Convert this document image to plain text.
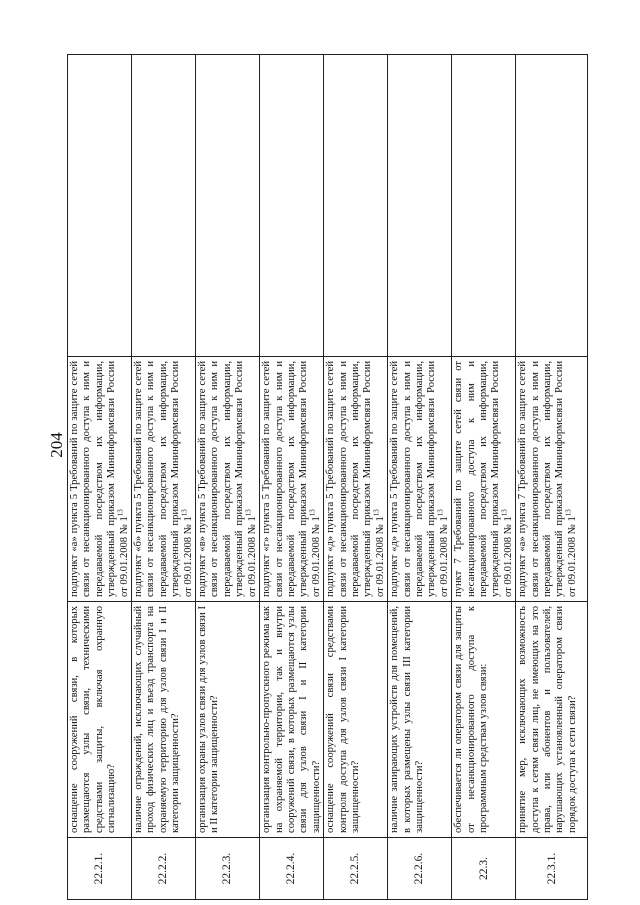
204
22.2.1.	оснащение сооружений связи, в которых размещаются узлы связи, техническими средствами защиты, включая охранную сигнализацию?	подпункт «а» пункта 5 Требований по защите сетей связи от несанкционированного доступа к ним и передаваемой посредством их информации, утвержденный приказом Мининформсвязи России от 09.01.2008 № $1^{13}$	
22.2.2.	наличие ограждений, исключающих случайный проход физических лиц и въезд транспорта на охраняемую территорию для узлов связи I и II категории защищенности?	подпункт «б» пункта 5 Требований по защите сетей связи от несанкционированного доступа к ним и передаваемой посредством их информации, утвержденный приказом Мининформсвязи России от 09.01.2008 № $1^{13}$	
22.2.3.	организация охраны узлов связи для узлов связи I и II категории защищенности?	подпункт «в» пункта 5 Требований по защите сетей связи от несанкционированного доступа к ним и передаваемой посредством их информации, утвержденный приказом Мининформсвязи России от 09.01.2008 № $1^{13}$	
22.2.4.	организация контрольно-пропускного режима как на охраняемой территории, так и внутри сооружений связи, в которых размещаются узлы связи для узлов связи I и II категории защищенности?	подпункт «г» пункта 5 Требований по защите сетей связи от несанкционированного доступа к ним и передаваемой посредством их информации, утвержденный приказом Мининформсвязи России от 09.01.2008 № $1^{13}$	
22.2.5.	оснащение сооружений связи средствами контроля доступа для узлов связи I категории защищенности?	подпункт «д» пункта 5 Требований по защите сетей связи от несанкционированного доступа к ним и передаваемой посредством их информации, утвержденный приказом Мининформсвязи России от 09.01.2008 № $1^{13}$	
22.2.6.	наличие запирающих устройств для помещений, в которых размещены узлы связи III категории защищенности?	подпункт «д» пункта 5 Требований по защите сетей связи от несанкционированного доступа к ним и передаваемой посредством их информации, утвержденный приказом Мининформсвязи России от 09.01.2008 № $1^{13}$	
22.3.	обеспечивается ли оператором связи для защиты от несанкционированного доступа к программным средствам узлов связи:	пункт 7 Требований по защите сетей связи от несанкционированного доступа к ним и передаваемой посредством их информации, утвержденный приказом Мининформсвязи России от 09.01.2008 № $1^{13}$	
22.3.1.	принятие мер, исключающих возможность доступа к сетям связи лиц, не имеющих на это права, или абонентов и пользователей, нарушающих установленный оператором связи порядок доступа к сети связи?	подпункт «а» пункта 7 Требований по защите сетей связи от несанкционированного доступа к ним и передаваемой посредством их информации, утвержденный приказом Мининформсвязи России от 09.01.2008 № $1^{13}$	
